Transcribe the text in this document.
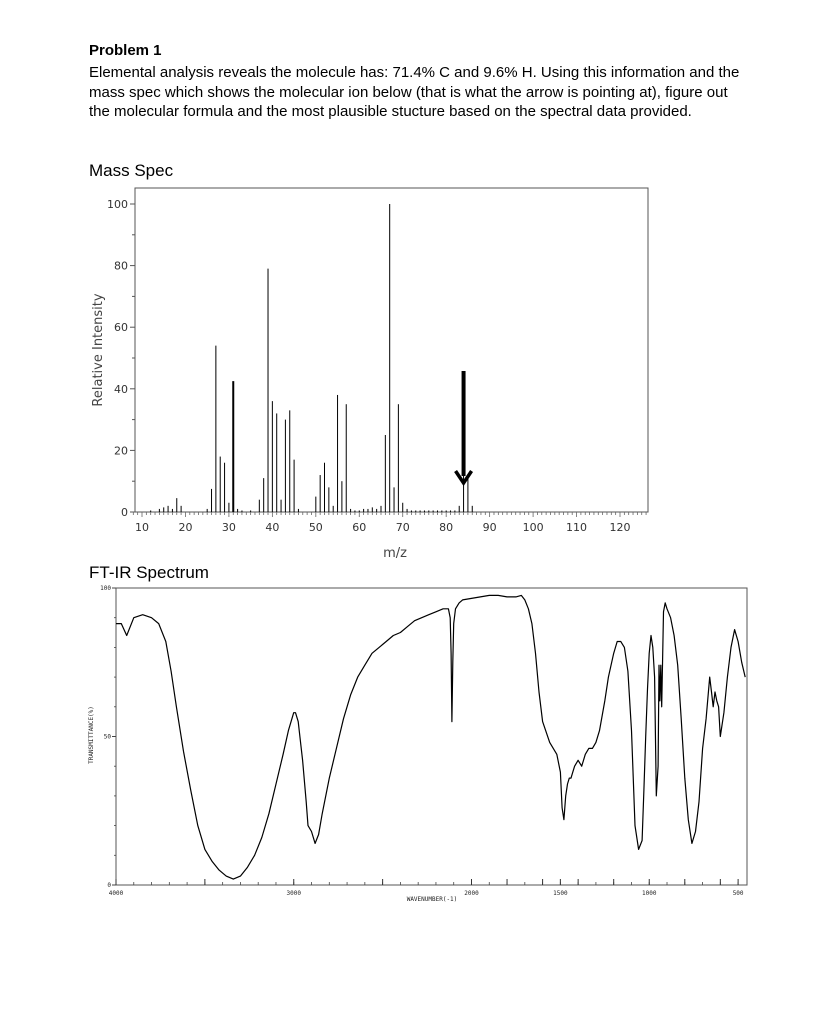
Problem 1
Elemental analysis reveals the molecule has: 71.4% C and 9.6% H. Using this information and the mass spec which shows the molecular ion below (that is what the arrow is pointing at), figure out the molecular formula and the most plausible stucture based on the spectral data provided.
Mass Spec
FT-IR Spectrum
0
20
40
60
80
100
10	20	30	40	50	60	70	80	90 100 110 120
m/z
Relative Intensity
100
50
0
4000	3000	2000	1500	1000	500
WAVENUMBER(-1)
TRANSMITTANCE(%)
